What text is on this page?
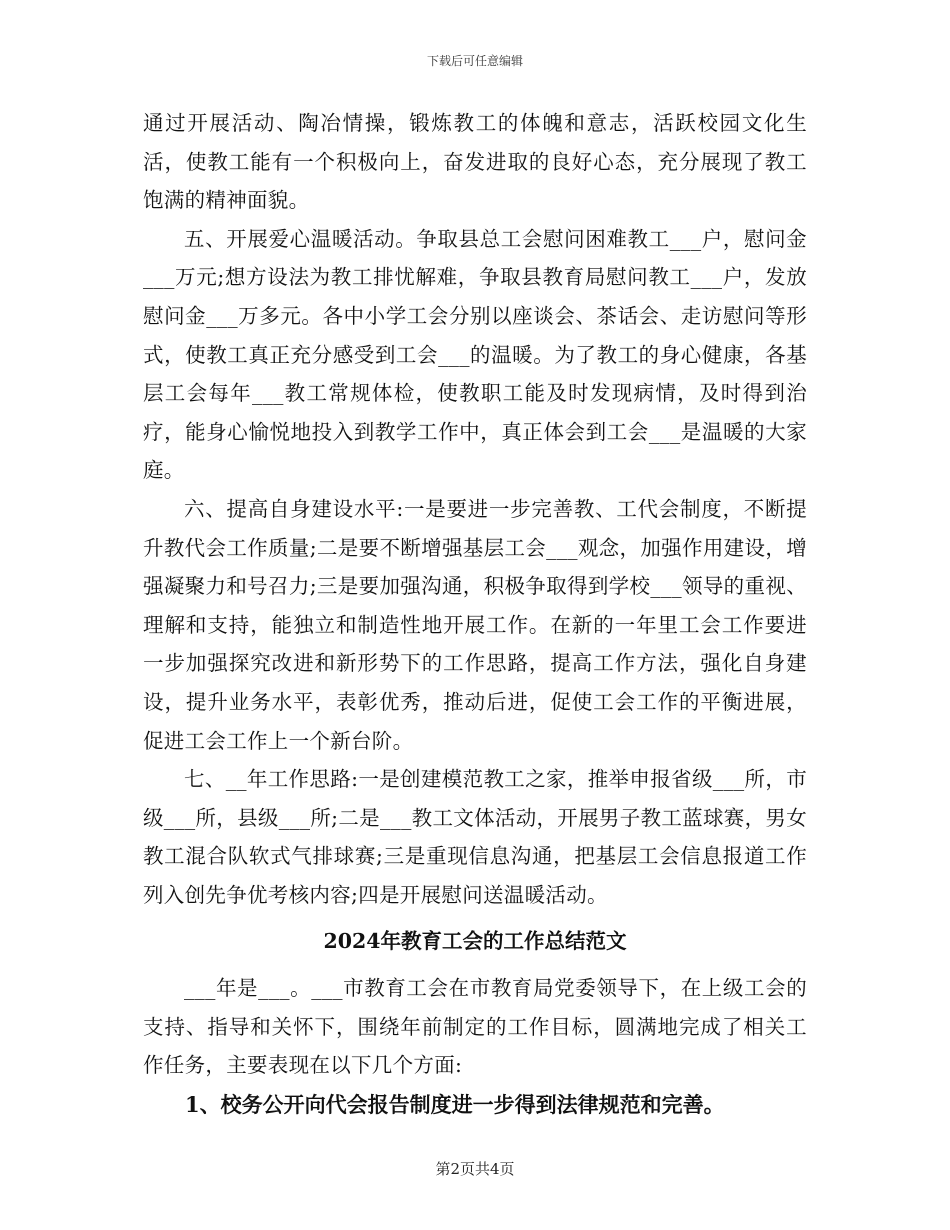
下载后可任意编辑

通过开展活动、陶冶情操，锻炼教工的体魄和意志，活跃校园文化生活，使教工能有一个积极向上，奋发进取的良好心态，充分展现了教工饱满的精神面貌。

五、开展爱心温暖活动。争取县总工会慰问困难教工___户，慰问金___万元;想方设法为教工排忧解难，争取县教育局慰问教工___户，发放慰问金___万多元。各中小学工会分别以座谈会、茶话会、走访慰问等形式，使教工真正充分感受到工会___的温暖。为了教工的身心健康，各基层工会每年___教工常规体检，使教职工能及时发现病情，及时得到治疗，能身心愉悦地投入到教学工作中，真正体会到工会___是温暖的大家庭。

六、提高自身建设水平:一是要进一步完善教、工代会制度，不断提升教代会工作质量;二是要不断增强基层工会___观念，加强作用建设，增强凝聚力和号召力;三是要加强沟通，积极争取得到学校___领导的重视、理解和支持，能独立和制造性地开展工作。在新的一年里工会工作要进一步加强探究改进和新形势下的工作思路，提高工作方法，强化自身建设，提升业务水平，表彰优秀，推动后进，促使工会工作的平衡进展，促进工会工作上一个新台阶。

七、__年工作思路:一是创建模范教工之家，推举申报省级___所，市级___所，县级___所;二是___教工文体活动，开展男子教工蓝球赛，男女教工混合队软式气排球赛;三是重现信息沟通，把基层工会信息报道工作列入创先争优考核内容;四是开展慰问送温暖活动。

2024年教育工会的工作总结范文

___年是___。___市教育工会在市教育局党委领导下，在上级工会的支持、指导和关怀下，围绕年前制定的工作目标，圆满地完成了相关工作任务，主要表现在以下几个方面:

1、校务公开向代会报告制度进一步得到法律规范和完善。

第2页共4页
